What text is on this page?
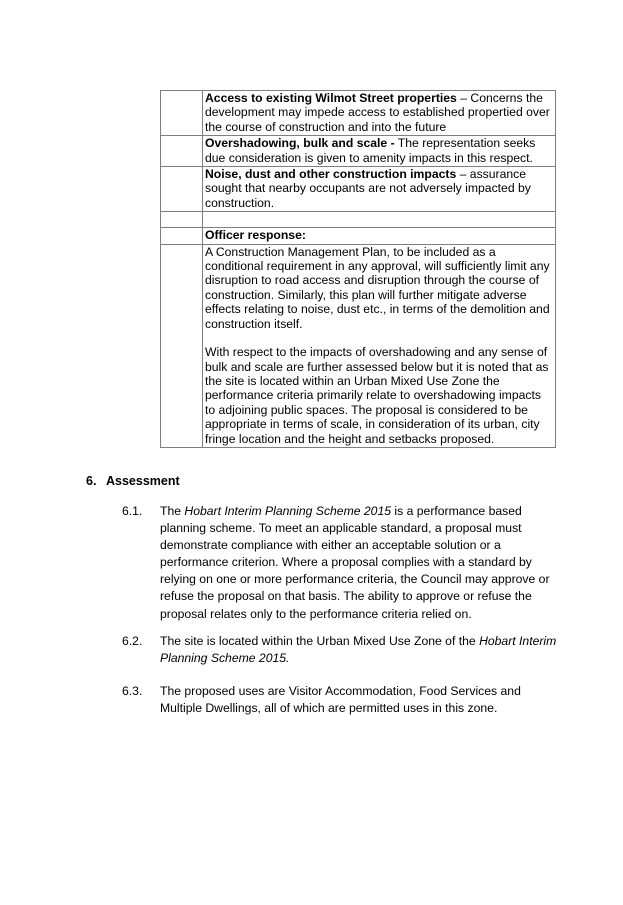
	Access to existing Wilmot Street properties – Concerns the development may impede access to established propertied over the course of construction and into the future
	Overshadowing, bulk and scale - The representation seeks due consideration is given to amenity impacts in this respect.
	Noise, dust and other construction impacts – assurance sought that nearby occupants are not adversely impacted by construction.

	Officer response:

	A Construction Management Plan, to be included as a conditional requirement in any approval, will sufficiently limit any disruption to road access and disruption through the course of construction. Similarly, this plan will further mitigate adverse effects relating to noise, dust etc., in terms of the demolition and construction itself.

With respect to the impacts of overshadowing and any sense of bulk and scale are further assessed below but it is noted that as the site is located within an Urban Mixed Use Zone the performance criteria primarily relate to overshadowing impacts to adjoining public spaces. The proposal is considered to be appropriate in terms of scale, in consideration of its urban, city fringe location and the height and setbacks proposed.

6. Assessment
6.1. The Hobart Interim Planning Scheme 2015 is a performance based planning scheme. To meet an applicable standard, a proposal must demonstrate compliance with either an acceptable solution or a performance criterion. Where a proposal complies with a standard by relying on one or more performance criteria, the Council may approve or refuse the proposal on that basis. The ability to approve or refuse the proposal relates only to the performance criteria relied on.
6.2. The site is located within the Urban Mixed Use Zone of the Hobart Interim Planning Scheme 2015.
6.3. The proposed uses are Visitor Accommodation, Food Services and Multiple Dwellings, all of which are permitted uses in this zone.
